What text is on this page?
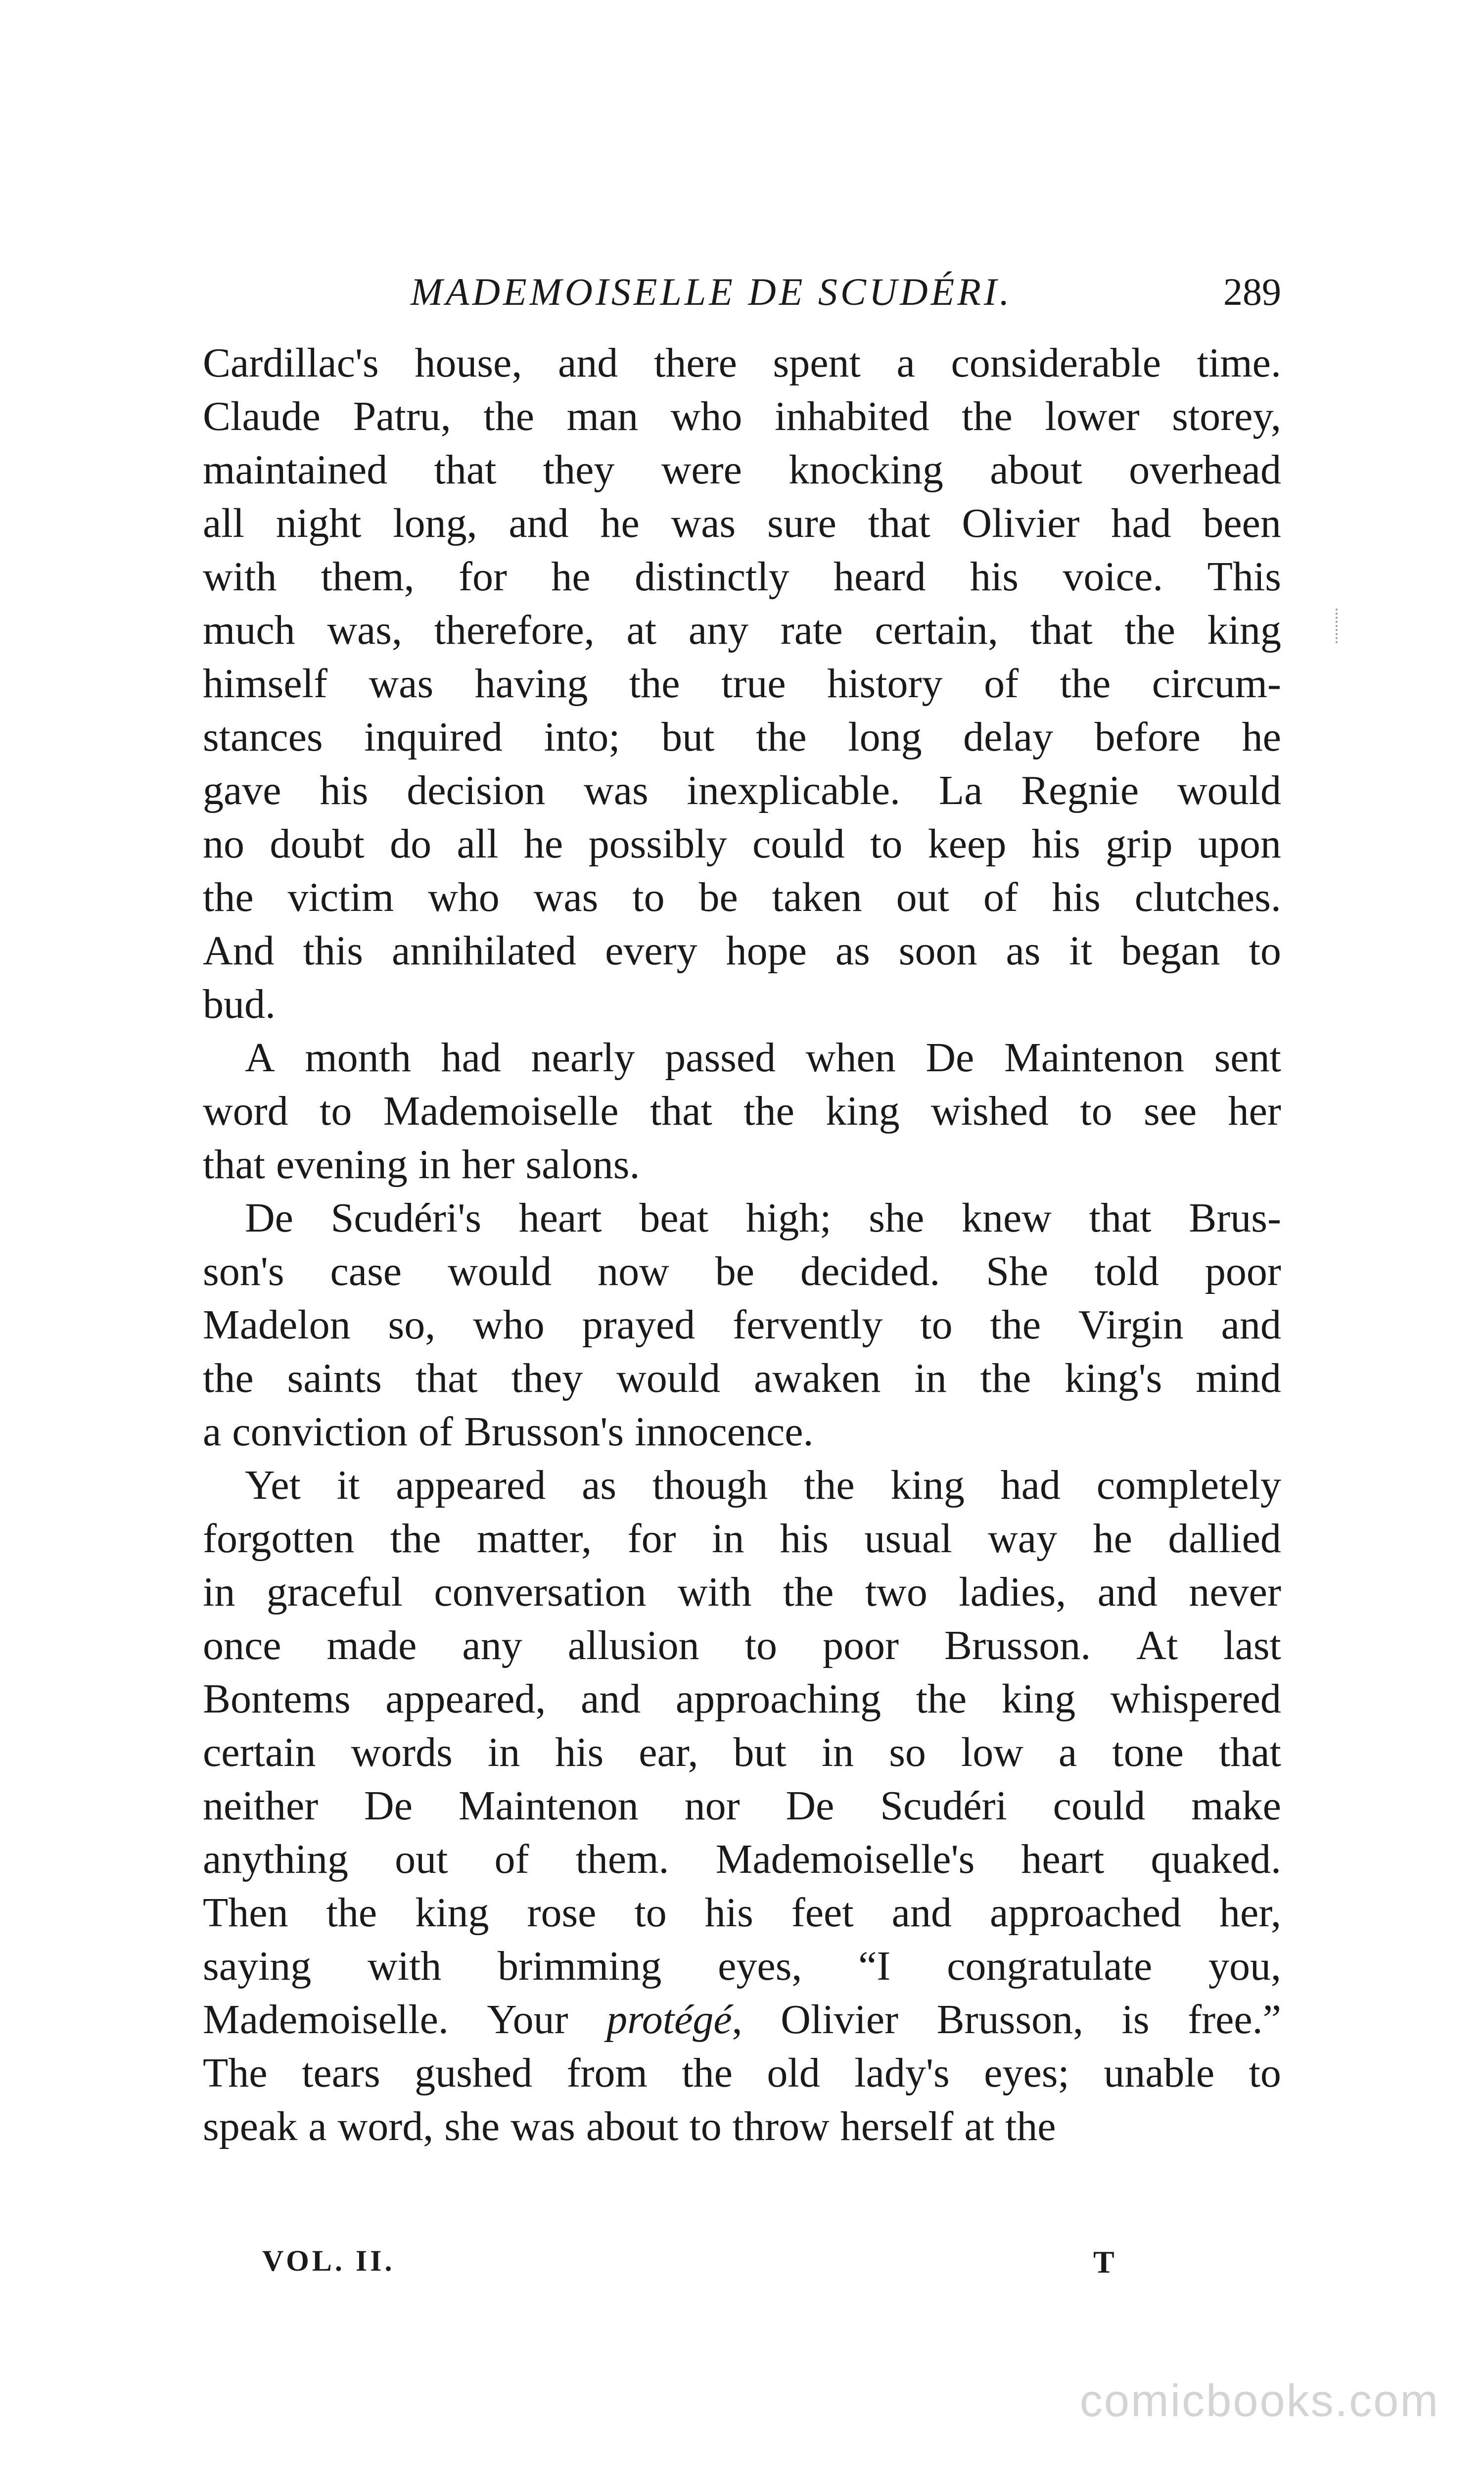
MADEMOISELLE DE SCUDÉRI.	289
Cardillac's house, and there spent a considerable time.
Claude Patru, the man who inhabited the lower storey,
maintained that they were knocking about overhead
all night long, and he was sure that Olivier had been
with them, for he distinctly heard his voice. This
much was, therefore, at any rate certain, that the king
himself was having the true history of the circum-
stances inquired into; but the long delay before he
gave his decision was inexplicable. La Regnie would
no doubt do all he possibly could to keep his grip upon
the victim who was to be taken out of his clutches.
And this annihilated every hope as soon as it began to
bud.
A month had nearly passed when De Maintenon sent
word to Mademoiselle that the king wished to see her
that evening in her salons.
De Scudéri's heart beat high; she knew that Brus-
son's case would now be decided. She told poor
Madelon so, who prayed fervently to the Virgin and
the saints that they would awaken in the king's mind
a conviction of Brusson's innocence.
Yet it appeared as though the king had completely
forgotten the matter, for in his usual way he dallied
in graceful conversation with the two ladies, and never
once made any allusion to poor Brusson. At last
Bontems appeared, and approaching the king whispered
certain words in his ear, but in so low a tone that
neither De Maintenon nor De Scudéri could make
anything out of them. Mademoiselle's heart quaked.
Then the king rose to his feet and approached her,
saying with brimming eyes, “I congratulate you,
Mademoiselle. Your protégé, Olivier Brusson, is free.”
The tears gushed from the old lady's eyes; unable to
speak a word, she was about to throw herself at the
VOL. II.	T
comicbooks.com
